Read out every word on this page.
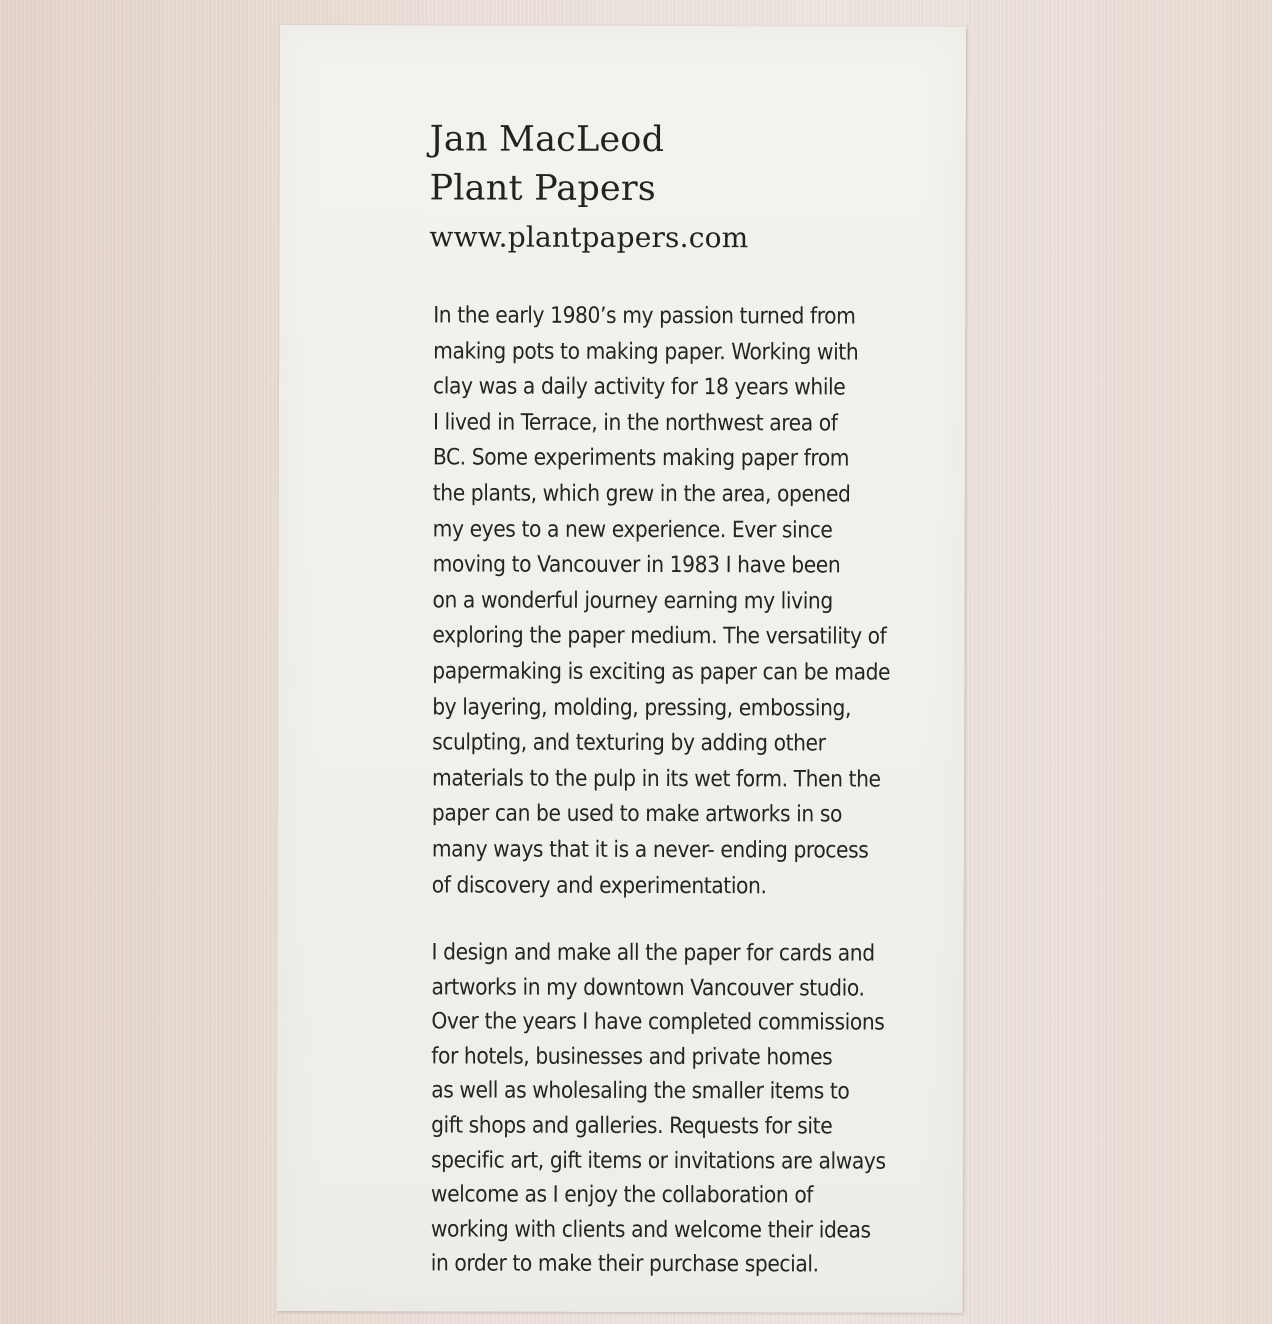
Jan MacLeod
Plant Papers
www.plantpapers.com
In the early 1980’s my passion turned from
making pots to making paper. Working with
clay was a daily activity for 18 years while
I lived in Terrace, in the northwest area of
BC. Some experiments making paper from
the plants, which grew in the area, opened
my eyes to a new experience. Ever since
moving to Vancouver in 1983 I have been
on a wonderful journey earning my living
exploring the paper medium. The versatility of
papermaking is exciting as paper can be made
by layering, molding, pressing, embossing,
sculpting, and texturing by adding other
materials to the pulp in its wet form. Then the
paper can be used to make artworks in so
many ways that it is a never- ending process
of discovery and experimentation.
I design and make all the paper for cards and
artworks in my downtown Vancouver studio.
Over the years I have completed commissions
for hotels, businesses and private homes
as well as wholesaling the smaller items to
gift shops and galleries. Requests for site
specific art, gift items or invitations are always
welcome as I enjoy the collaboration of
working with clients and welcome their ideas
in order to make their purchase special.
